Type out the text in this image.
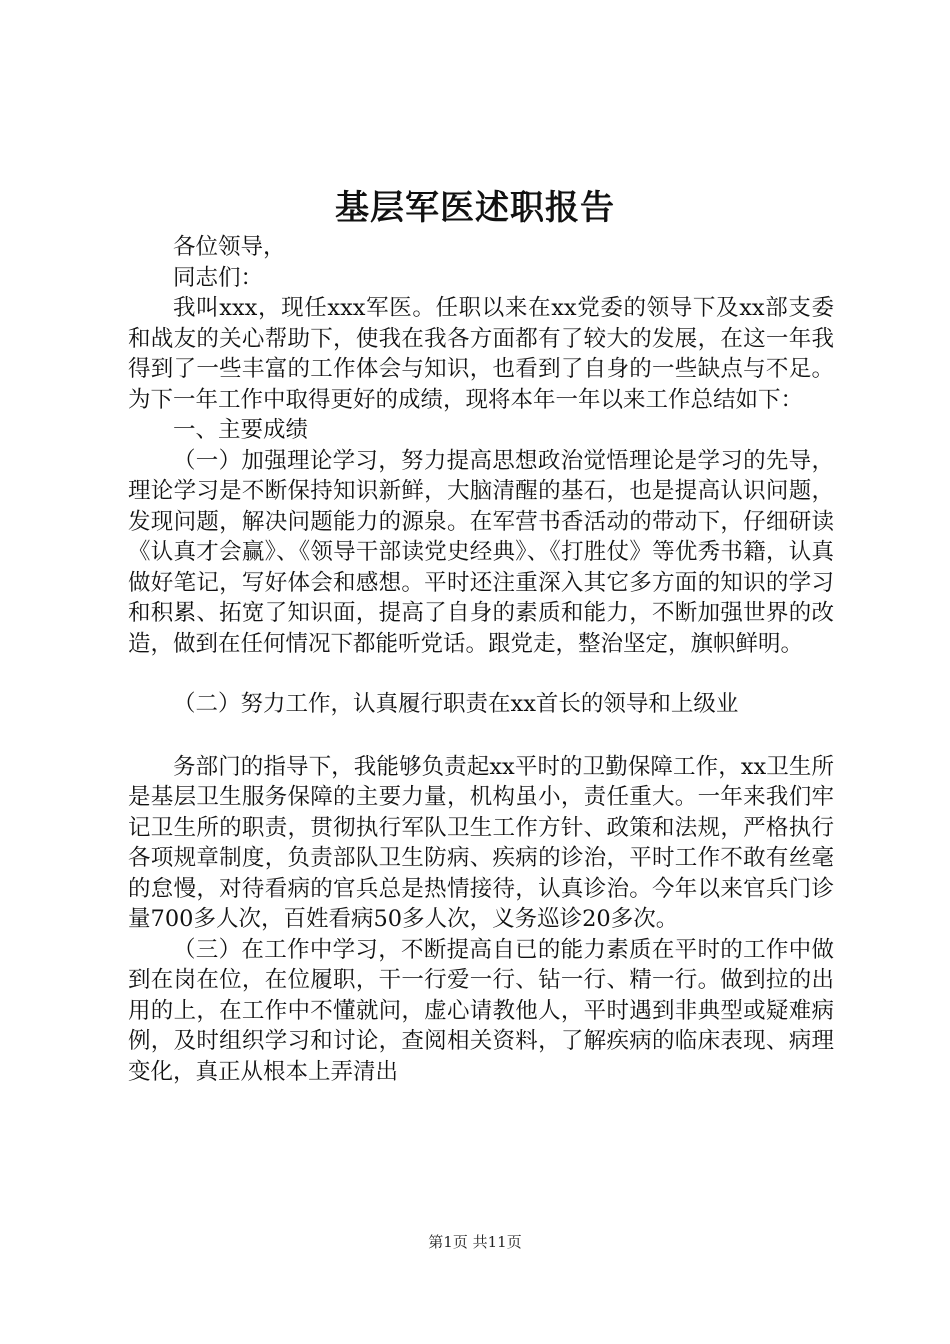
基层军医述职报告

各位领导，

同志们：

我叫xxx，现任xxx军医。任职以来在xx党委的领导下及xx部支委和战友的关心帮助下，使我在我各方面都有了较大的发展，在这一年我得到了一些丰富的工作体会与知识，也看到了自身的一些缺点与不足。为下一年工作中取得更好的成绩，现将本年一年以来工作总结如下：

一、主要成绩

（一）加强理论学习，努力提高思想政治觉悟理论是学习的先导，理论学习是不断保持知识新鲜，大脑清醒的基石，也是提高认识问题，发现问题，解决问题能力的源泉。在军营书香活动的带动下，仔细研读《认真才会赢》、《领导干部读党史经典》、《打胜仗》等优秀书籍，认真做好笔记，写好体会和感想。平时还注重深入其它多方面的知识的学习和积累、拓宽了知识面，提高了自身的素质和能力，不断加强世界的改造，做到在任何情况下都能听党话。跟党走，整治坚定，旗帜鲜明。

（二）努力工作，认真履行职责在xx首长的领导和上级业

务部门的指导下，我能够负责起xx平时的卫勤保障工作，xx卫生所是基层卫生服务保障的主要力量，机构虽小，责任重大。一年来我们牢记卫生所的职责，贯彻执行军队卫生工作方针、政策和法规，严格执行各项规章制度，负责部队卫生防病、疾病的诊治，平时工作不敢有丝毫的怠慢，对待看病的官兵总是热情接待，认真诊治。今年以来官兵门诊量700多人次，百姓看病50多人次，义务巡诊20多次。

（三）在工作中学习，不断提高自已的能力素质在平时的工作中做到在岗在位，在位履职，干一行爱一行、钻一行、精一行。做到拉的出用的上，在工作中不懂就问，虚心请教他人，平时遇到非典型或疑难病例，及时组织学习和讨论，查阅相关资料，了解疾病的临床表现、病理变化，真正从根本上弄清出

第1页 共11页
